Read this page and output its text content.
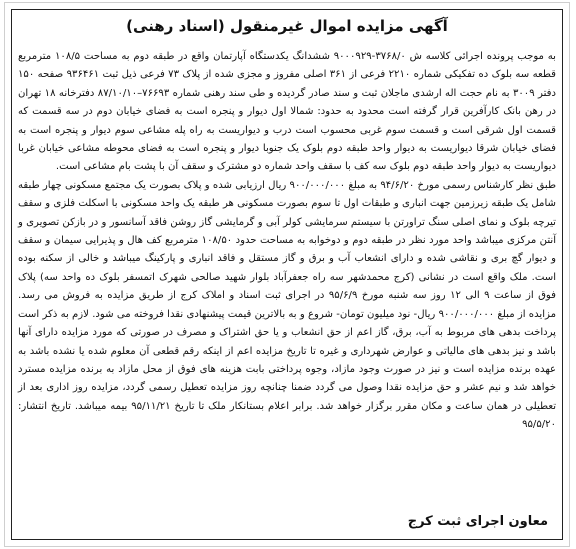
آگهی مزایده اموال غیرمنقول (اسناد رهنی)

به موجب پرونده اجرائی کلاسه ش ۳۷۶۸/۰-۹۰۰۰۹۲۹ ششدانگ یکدستگاه آپارتمان واقع در طبقه دوم به مساحت ۱۰۸/۵ مترمربع قطعه سه بلوک ده تفکیکی شماره ۲۲۱۰ فرعی از ۳۶۱ اصلی مفروز و مجزی شده از پلاک ۷۳ فرعی ذیل ثبت ۹۳۶۴۶۱ صفحه ۱۵۰ دفتر ۳۰۰۹ به نام حجت اله ارشدی ماجلان ثبت و سند صادر گردیده و طی سند رهنی شماره ۷۶۶۹۳–۸۷/۱۰/۱۰ دفترخانه ۱۸ تهران در رهن بانک کارآفرین قرار گرفته است محدود به حدود: شمالا اول دیوار و پنجره است به فضای خیابان دوم در سه قسمت که قسمت اول شرقی است و قسمت سوم غربی محسوب است درب و دیواریست به راه پله مشاعی سوم دیوار و پنجره است به فضای خیابان شرقا دیواریست به دیوار واحد طبقه دوم بلوک یک جنوبا دیوار و پنجره است به فضای محوطه مشاعی خیابان غربا دیواریست به دیوار واحد طبقه دوم بلوک سه کف با سقف واحد شماره دو مشترک و سقف آن با پشت بام مشاعی است.

طبق نظر کارشناس رسمی مورخ ۹۴/۶/۲۰ به مبلغ ۹۰۰/۰۰۰/۰۰۰ ریال ارزیابی شده و پلاک بصورت یک مجتمع مسکونی چهار طبقه شامل یک طبقه زیرزمین جهت انباری و طبقات اول تا سوم بصورت مسکونی هر طبقه یک واحد مسکونی با اسکلت فلزی و سقف تیرچه بلوک و نمای اصلی سنگ تراورتن با سیستم سرمایشی کولر آبی و گرمایشی گاز روشن فاقد آسانسور و در بازکن تصویری و آنتن مرکزی میباشد واحد مورد نظر در طبقه دوم و دوخوابه به مساحت حدود ۱۰۸/۵۰ مترمربع کف هال و پذیرایی سیمان و سقف و دیوار گچ بری و نقاشی شده و دارای انشعاب آب و برق و گاز مستقل و فاقد انباری و پارکینگ میباشد و خالی از سکنه بوده است. ملک واقع است در نشانی (کرج محمدشهر سه راه جعفرآباد بلوار شهید صالحی شهرک اتمسفر بلوک ده واحد سه) پلاک فوق از ساعت ۹ الی ۱۲ روز سه شنبه مورخ ۹۵/۶/۹ در اجرای ثبت اسناد و املاک کرج از طریق مزایده به فروش می رسد. مزایده از مبلغ ۹۰۰/۰۰۰/۰۰۰ ریال- نود میلیون تومان- شروع و به بالاترین قیمت پیشنهادی نقدا فروخته می شود. لازم به ذکر است پرداخت بدهی های مربوط به آب، برق، گاز اعم از حق انشعاب و یا حق اشتراک و مصرف در صورتی که مورد مزایده دارای آنها باشد و نیز بدهی های مالیاتی و عوارض شهرداری و غیره تا تاریخ مزایده اعم از اینکه رقم قطعی آن معلوم شده یا نشده باشد به عهده برنده مزایده است و نیز در صورت وجود مازاد، وجوه پرداختی بابت هزینه های فوق از محل مازاد به برنده مزایده مسترد خواهد شد و نیم عشر و حق مزایده نقدا وصول می گردد ضمنا چنانچه روز مزایده تعطیل رسمی گردد، مزایده روز اداری بعد از تعطیلی در همان ساعت و مکان مقرر برگزار خواهد شد. برابر اعلام بستانکار ملک تا تاریخ ۹۵/۱۱/۲۱ بیمه میباشد. تاریخ انتشار: ۹۵/۵/۲۰

معاون اجرای ثبت کرج
